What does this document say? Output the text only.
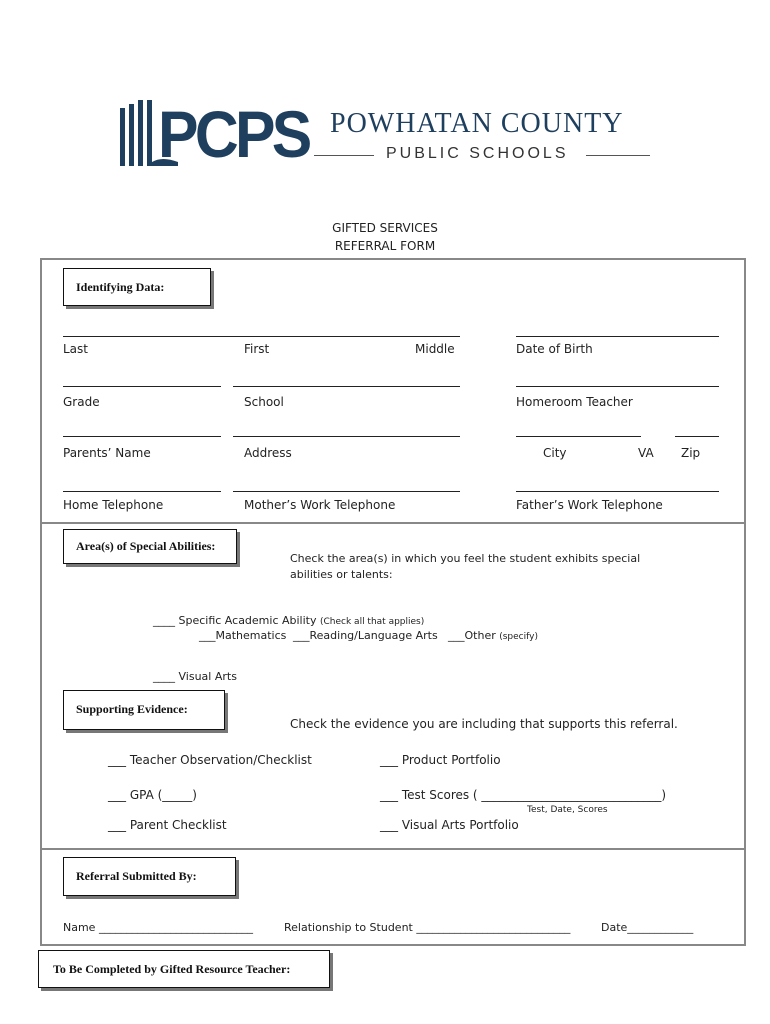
PCPS POWHATAN COUNTY
PUBLIC SCHOOLS
GIFTED SERVICES
REFERRAL FORM
Identifying Data:
Last	First	Middle	Date of Birth
Grade	School	Homeroom Teacher
Parents’ Name	Address	City	VA Zip
Home Telephone	Mother’s Work Telephone	Father’s Work Telephone
Area(s) of Special Abilities:
Check the area(s) in which you feel the student exhibits special abilities or talents:
____ Specific Academic Ability (Check all that applies)
___Mathematics ___Reading/Language Arts ___Other (specify)
____ Visual Arts
Supporting Evidence:
Check the evidence you are including that supports this referral.
___ Teacher Observation/Checklist	___ Product Portfolio
___ GPA (_____)	___ Test Scores ( ______________________________)
Test, Date, Scores
___ Parent Checklist	___ Visual Arts Portfolio
Referral Submitted By:
Name ____________________________	Relationship to Student ____________________________	Date____________
To Be Completed by Gifted Resource Teacher:
